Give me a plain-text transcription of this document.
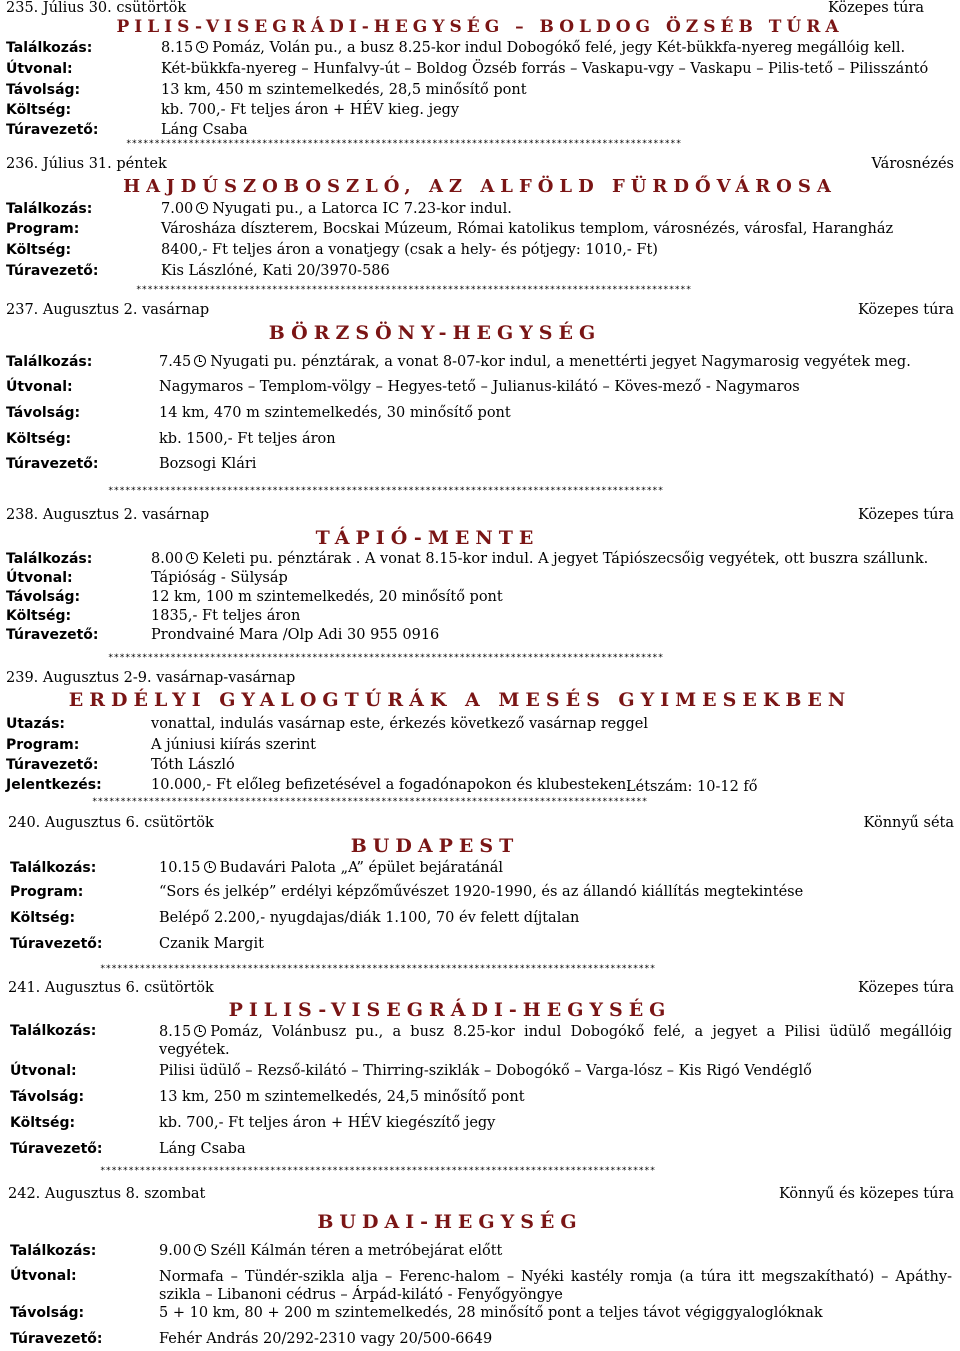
235. Július 30. csütörtök	Közepes túra
PILIS-VISEGRÁDI-HEGYSÉG – BOLDOG ÖZSÉB TÚRA
Találkozás:	8.15 Pomáz, Volán pu., a busz 8.25-kor indul Dobogókő felé, jegy Két-bükkfa-nyereg megállóig kell.
Útvonal:	Két-bükkfa-nyereg – Hunfalvy-út – Boldog Özséb forrás – Vaskapu-vgy – Vaskapu – Pilis-tető – Pilisszántó
Távolság:	13 km, 450 m szintemelkedés, 28,5 minősítő pont
Költség:	kb. 700,- Ft teljes áron + HÉV kieg. jegy
Túravezető:	Láng Csaba
**************************************************************************************************
236. Július 31. péntek	Városnézés
HAJDÚSZOBOSZLÓ, AZ ALFÖLD FÜRDŐVÁROSA
Találkozás:	7.00 Nyugati pu., a Latorca IC 7.23-kor indul.
Program:	Városháza díszterem, Bocskai Múzeum, Római katolikus templom, városnézés, városfal, Harangház
Költség:	8400,- Ft teljes áron a vonatjegy (csak a hely- és pótjegy: 1010,- Ft)
Túravezető:	Kis Lászlóné, Kati 20/3970-586
**************************************************************************************************
237. Augusztus 2. vasárnap	Közepes túra
BÖRZSÖNY-HEGYSÉG
Találkozás:	7.45 Nyugati pu. pénztárak, a vonat 8-07-kor indul, a menettérti jegyet Nagymarosig vegyétek meg.
Útvonal:	Nagymaros – Templom-völgy – Hegyes-tető – Julianus-kilátó – Köves-mező - Nagymaros
Távolság:	14 km, 470 m szintemelkedés, 30 minősítő pont
Költség:	kb. 1500,- Ft teljes áron
Túravezető:	Bozsogi Klári
**************************************************************************************************
238. Augusztus 2. vasárnap	Közepes túra
TÁPIÓ-MENTE
Találkozás:	8.00 Keleti pu. pénztárak . A vonat 8.15-kor indul. A jegyet Tápiószecsőig vegyétek, ott buszra szállunk.
Útvonal:	Tápióság - Sülysáp
Távolság:	12 km, 100 m szintemelkedés, 20 minősítő pont
Költség:	1835,- Ft teljes áron
Túravezető:	Prondvainé Mara /Olp Adi 30 955 0916
**************************************************************************************************
239. Augusztus 2-9. vasárnap-vasárnap
ERDÉLYI GYALOGTÚRÁK A MESÉS GYIMESEKBEN
Utazás:	vonattal, indulás vasárnap este, érkezés következő vasárnap reggel
Program:	A júniusi kiírás szerint
Túravezető:	Tóth László
Jelentkezés:	10.000,- Ft előleg befizetésével a fogadónapokon és klubesteken.
Létszám: 10-12 fő
**************************************************************************************************
240. Augusztus 6. csütörtök	Könnyű séta
BUDAPEST
Találkozás:	10.15 Budavári Palota „A” épület bejáratánál
Program:	“Sors és jelkép” erdélyi képzőművészet 1920-1990, és az állandó kiállítás megtekintése
Költség:	Belépő 2.200,- nyugdajas/diák 1.100, 70 év felett díjtalan
Túravezető:	Czanik Margit
**************************************************************************************************
241. Augusztus 6. csütörtök	Közepes túra
PILIS-VISEGRÁDI-HEGYSÉG
Találkozás:	8.15 Pomáz, Volánbusz pu., a busz 8.25-kor indul Dobogókő felé, a jegyet a Pilisi üdülő megállóig vegyétek.
Útvonal:	Pilisi üdülő – Rezső-kilátó – Thirring-sziklák – Dobogókő – Varga-lósz – Kis Rigó Vendéglő
Távolság:	13 km, 250 m szintemelkedés, 24,5 minősítő pont
Költség:	kb. 700,- Ft teljes áron + HÉV kiegészítő jegy
Túravezető:	Láng Csaba
**************************************************************************************************
242. Augusztus 8. szombat	Könnyű és közepes túra
BUDAI-HEGYSÉG
Találkozás:	9.00 Széll Kálmán téren a metróbejárat előtt
Útvonal:	Normafa – Tündér-szikla alja – Ferenc-halom – Nyéki kastély romja (a túra itt megszakítható) – Apáthy-szikla – Libanoni cédrus – Árpád-kilátó - Fenyőgyöngye
Távolság:	5 + 10 km, 80 + 200 m szintemelkedés, 28 minősítő pont a teljes távot végiggyaloglóknak
Túravezető:	Fehér András 20/292-2310 vagy 20/500-6649
